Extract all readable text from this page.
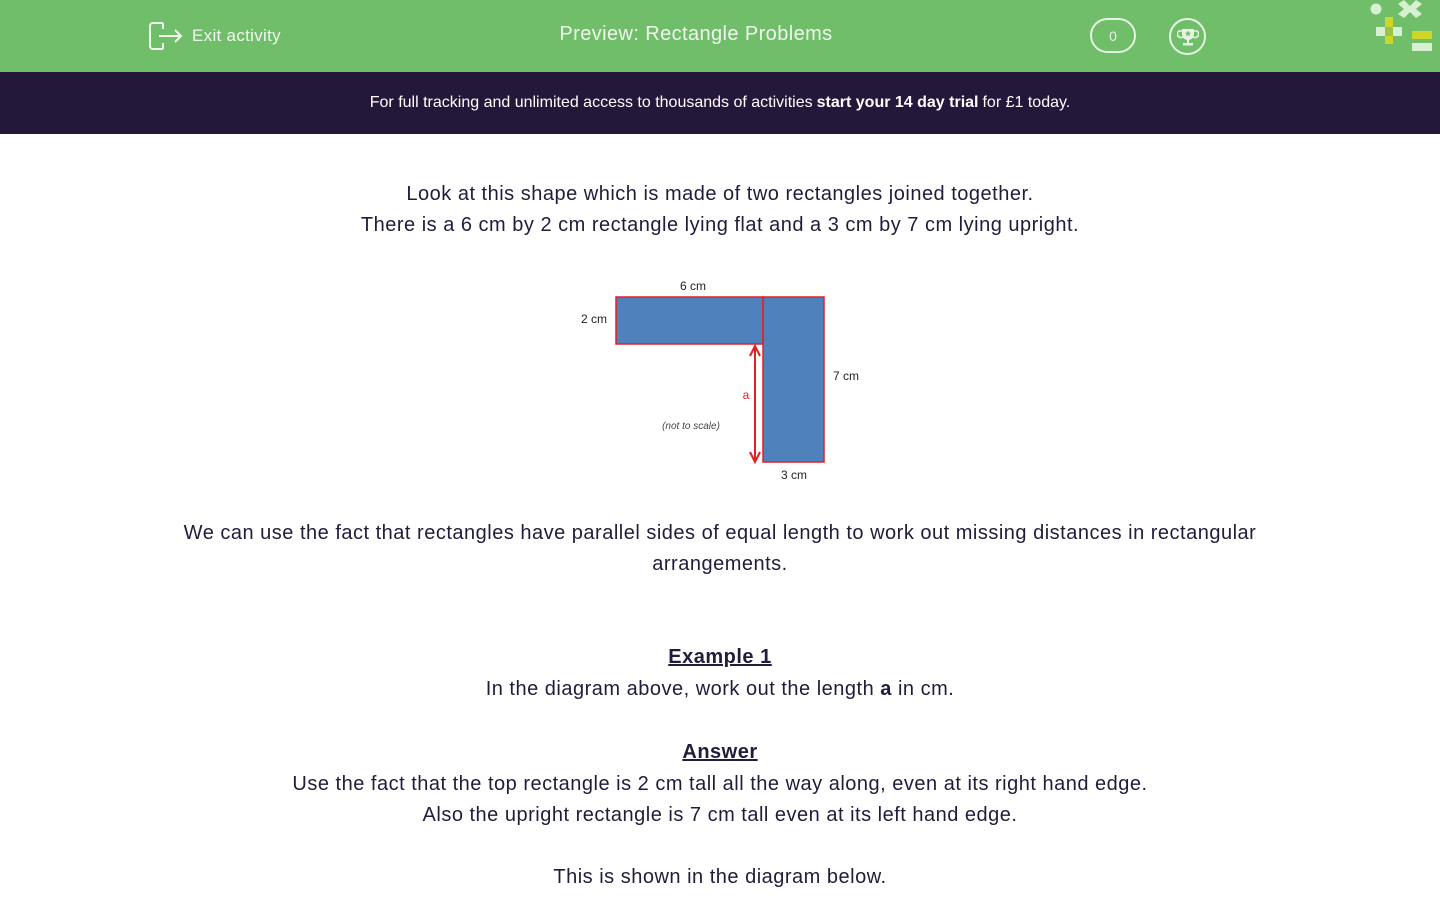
Exit activity	Preview: Rectangle Problems	0
For full tracking and unlimited access to thousands of activities start your 14 day trial for £1 today.
Look at this shape which is made of two rectangles joined together.
There is a 6 cm by 2 cm rectangle lying flat and a 3 cm by 7 cm lying upright.
6 cm
2 cm
7 cm
3 cm
a
(not to scale)
We can use the fact that rectangles have parallel sides of equal length to work out missing distances in rectangular arrangements.
Example 1
In the diagram above, work out the length a in cm.
Answer
Use the fact that the top rectangle is 2 cm tall all the way along, even at its right hand edge.
Also the upright rectangle is 7 cm tall even at its left hand edge.
This is shown in the diagram below.
